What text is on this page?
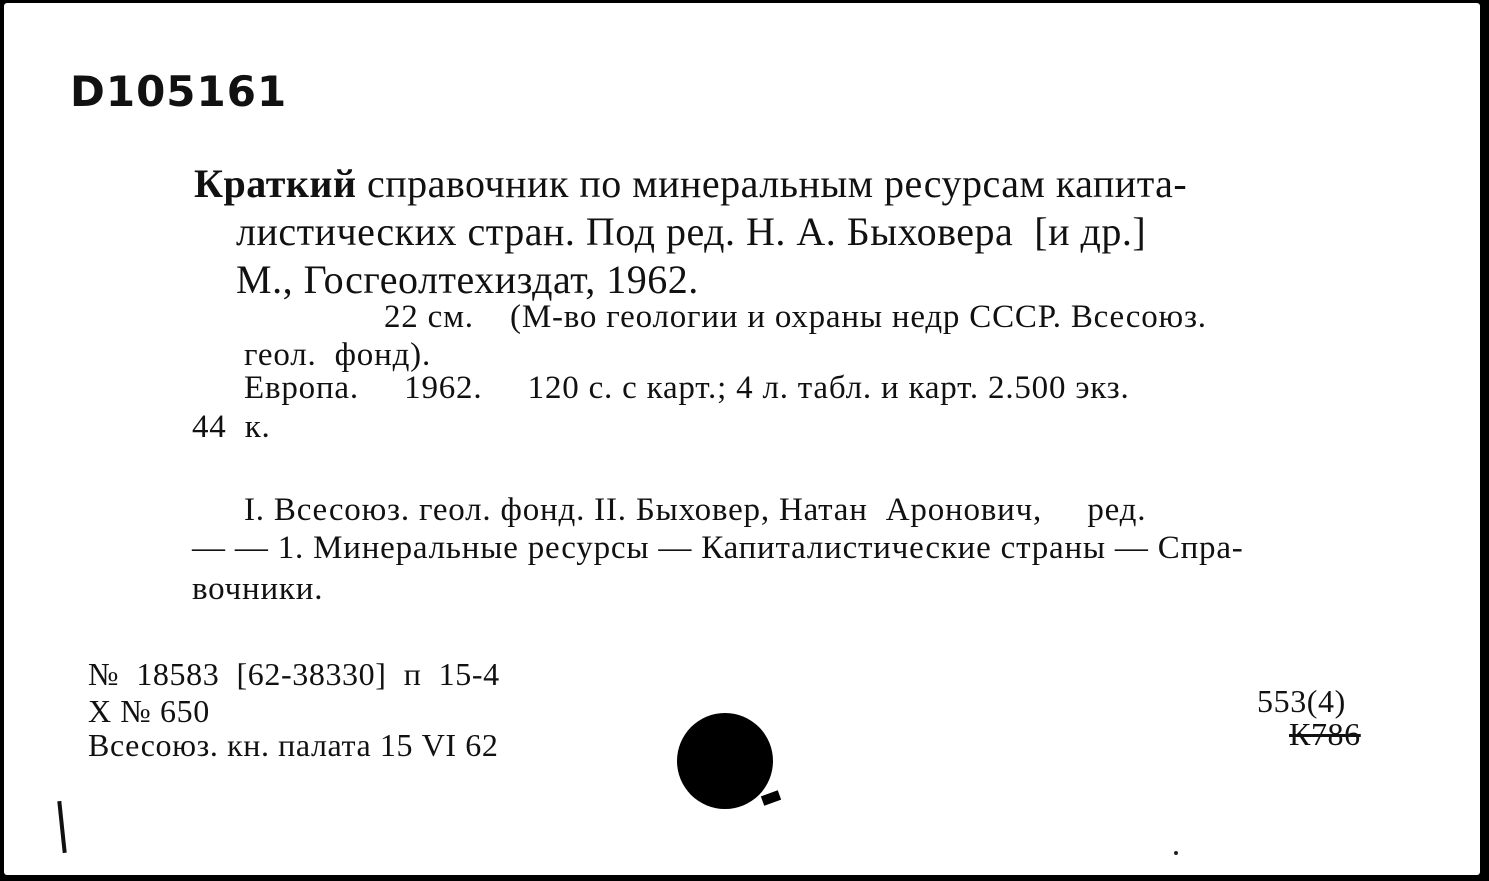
D105161
Краткий справочник по минеральным ресурсам капита-
листических стран. Под ред. Н. А. Быховера  [и др.]
М., Госгеолтехиздат, 1962.
22 см.    (М-во геологии и охраны недр СССР. Всесоюз.
геол.  фонд).
Европа.     1962.     120 с. с карт.; 4 л. табл. и карт. 2.500 экз.
44  к.
I. Всесоюз. геол. фонд. II. Быховер, Натан  Аронович,     ред.
— — 1. Минеральные ресурсы — Капиталистические страны — Спра-
вочники.
№  18583  [62-38330]  п  15-4
X № 650
Всесоюз. кн. палата 15 VI 62
553(4)
К786
